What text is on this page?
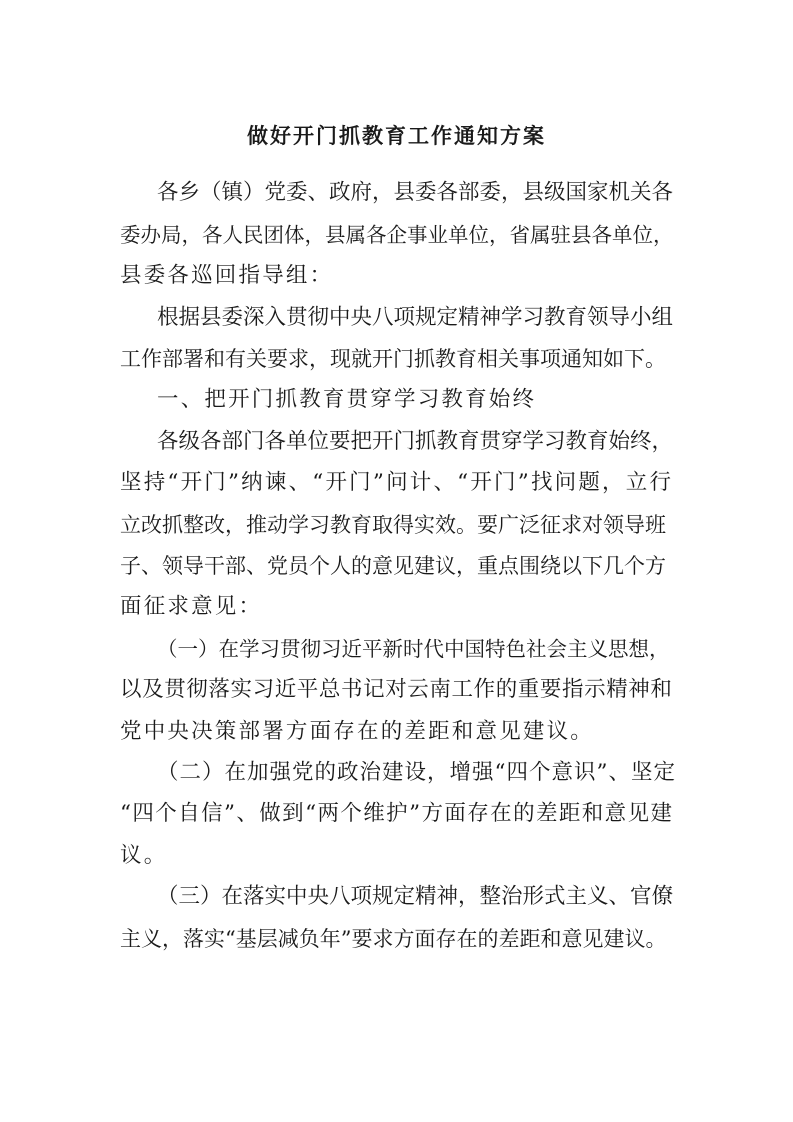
做好开门抓教育工作通知方案
各乡（镇）党委、政府，县委各部委，县级国家机关各
委办局，各人民团体，县属各企事业单位，省属驻县各单位，
县委各巡回指导组：
根据县委深入贯彻中央八项规定精神学习教育领导小组
工作部署和有关要求，现就开门抓教育相关事项通知如下。
一、把开门抓教育贯穿学习教育始终
各级各部门各单位要把开门抓教育贯穿学习教育始终，
坚持“开门”纳谏、“开门”问计、“开门”找问题，立行
立改抓整改，推动学习教育取得实效。要广泛征求对领导班
子、领导干部、党员个人的意见建议，重点围绕以下几个方
面征求意见：
（一）在学习贯彻习近平新时代中国特色社会主义思想，
以及贯彻落实习近平总书记对云南工作的重要指示精神和
党中央决策部署方面存在的差距和意见建议。
（二）在加强党的政治建设，增强“四个意识”、坚定
“四个自信”、做到“两个维护”方面存在的差距和意见建
议。
（三）在落实中央八项规定精神，整治形式主义、官僚
主义，落实“基层减负年”要求方面存在的差距和意见建议。
